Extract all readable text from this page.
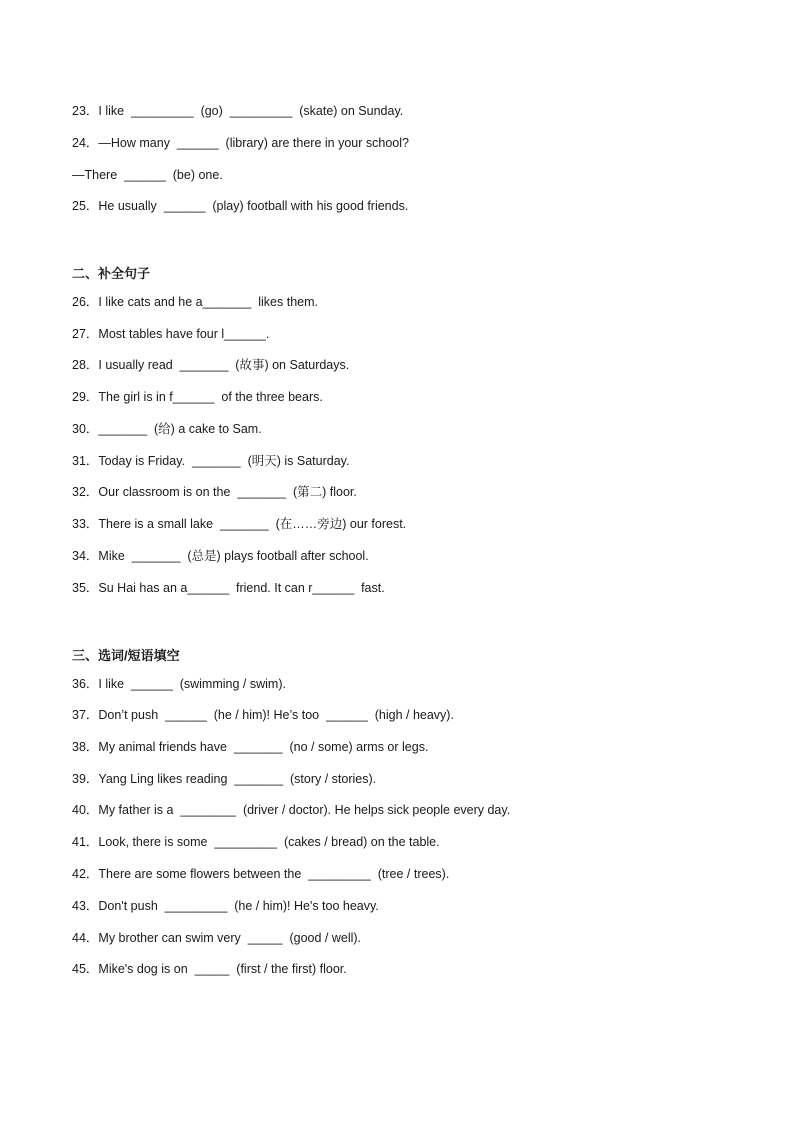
23．I like  _________  (go)  _________  (skate) on Sunday.
24．—How many  ______  (library) are there in your school?
—There  ______  (be) one.
25．He usually  ______  (play) football with his good friends.
二、补全句子
26．I like cats and he a_______  likes them.
27．Most tables have four l______.
28．I usually read  _______  (故事) on Saturdays.
29．The girl is in f______  of the three bears.
30．_______  (给) a cake to Sam.
31．Today is Friday.  _______  (明天) is Saturday.
32．Our classroom is on the  _______  (第二) floor.
33．There is a small lake  _______  (在……旁边) our forest.
34．Mike  _______  (总是) plays football after school.
35．Su Hai has an a______  friend. It can r______  fast.
三、选词/短语填空
36．I like  ______  (swimming / swim).
37．Don’t push  ______  (he / him)! He’s too  ______  (high / heavy).
38．My animal friends have  _______  (no / some) arms or legs.
39．Yang Ling likes reading  _______  (story / stories).
40．My father is a  ________  (driver / doctor). He helps sick people every day.
41．Look, there is some  _________  (cakes / bread) on the table.
42．There are some flowers between the  _________  (tree / trees).
43．Don't push  _________  (he / him)! He's too heavy.
44．My brother can swim very  _____  (good / well).
45．Mike's dog is on  _____  (first / the first) floor.
